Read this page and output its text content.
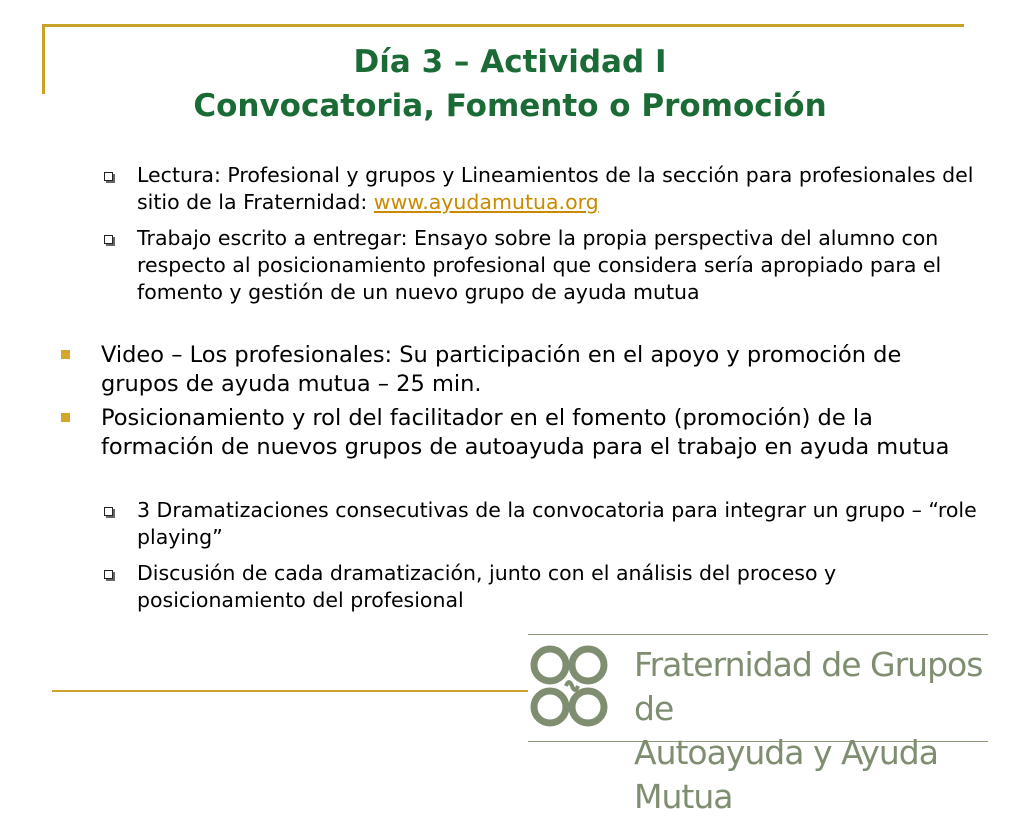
Día 3 – Actividad I
Convocatoria, Fomento o Promoción
Lectura: Profesional y grupos y Lineamientos de la sección para profesionales del sitio de la Fraternidad: www.ayudamutua.org
Trabajo escrito a entregar: Ensayo sobre la propia perspectiva del alumno con respecto al posicionamiento profesional que considera sería apropiado para el fomento y gestión de un nuevo grupo de ayuda mutua
Video – Los profesionales: Su participación en el apoyo y promoción de grupos de ayuda mutua – 25 min.
Posicionamiento y rol del facilitador en el fomento (promoción) de la formación de nuevos grupos de autoayuda para el trabajo en ayuda mutua
3 Dramatizaciones consecutivas de la convocatoria para integrar un grupo – “role playing”
Discusión de cada dramatización, junto con el análisis del proceso y posicionamiento del profesional
Fraternidad de Grupos de
Autoayuda y Ayuda Mutua
